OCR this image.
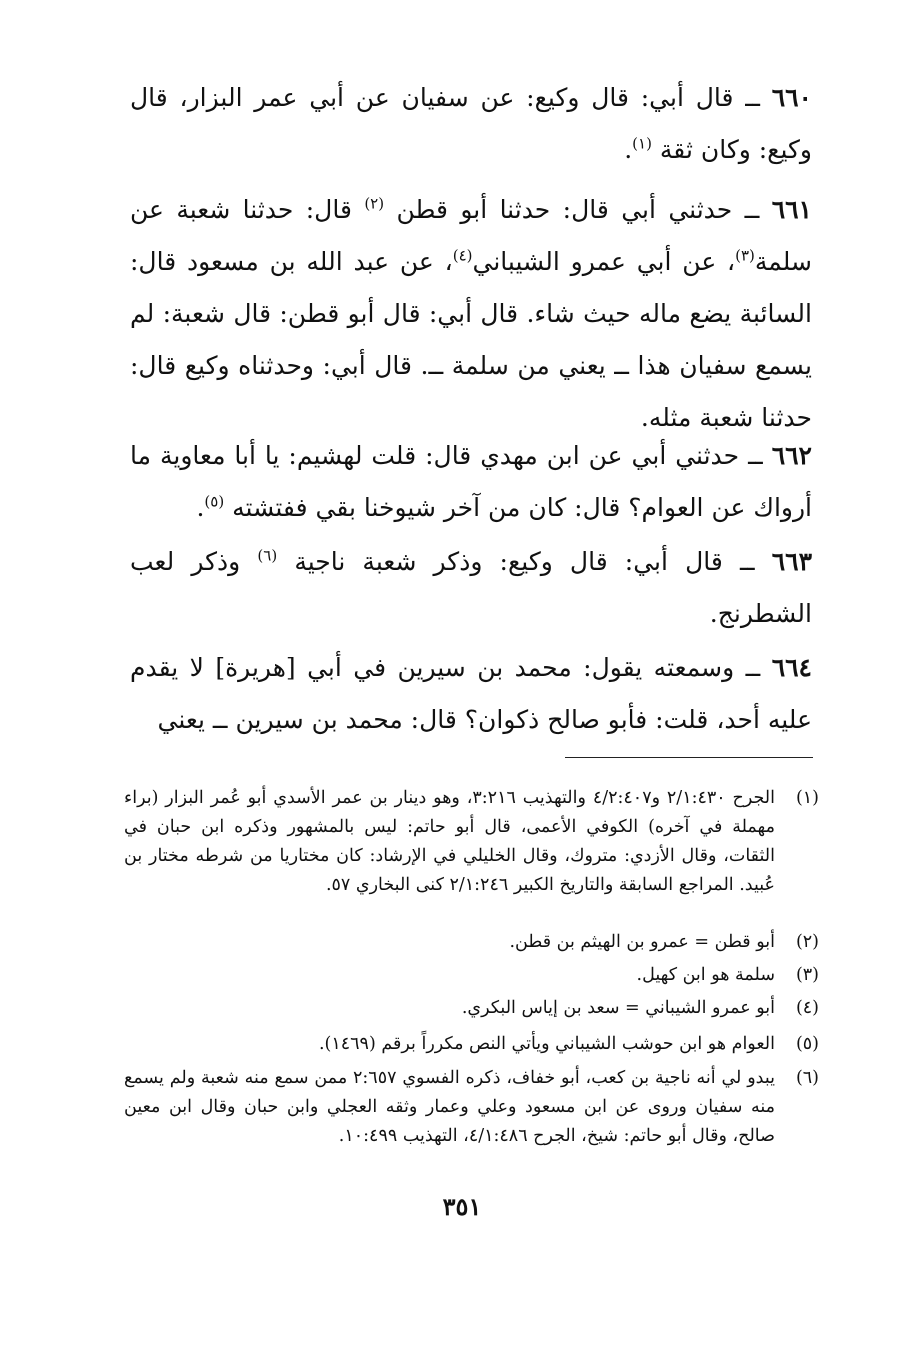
٦٦٠ ــ قال أبي: قال وكيع: عن سفيان عن أبي عمر البزار، قال وكيع: وكان ثقة $^{(١)}$.

٦٦١ ــ حدثني أبي قال: حدثنا أبو قطن $^{(٢)}$ قال: حدثنا شعبة عن سلمة$^{(٣)}$، عن أبي عمرو الشيباني$^{(٤)}$، عن عبد الله بن مسعود قال: السائبة يضع ماله حيث شاء. قال أبي: قال أبو قطن: قال شعبة: لم يسمع سفيان هذا ــ يعني من سلمة ــ. قال أبي: وحدثناه وكيع قال: حدثنا شعبة مثله.

٦٦٢ ــ حدثني أبي عن ابن مهدي قال: قلت لهشيم: يا أبا معاوية ما أرواك عن العوام؟ قال: كان من آخر شيوخنا بقي ففتشته $^{(٥)}$.

٦٦٣ ــ قال أبي: قال وكيع: وذكر شعبة ناجية $^{(٦)}$ وذكر لعب الشطرنج.

٦٦٤ ــ وسمعته يقول: محمد بن سيرين في أبي [هريرة] لا يقدم عليه أحد، قلت: فأبو صالح ذكوان؟ قال: محمد بن سيرين ــ يعني

(١)
الجرح ٢/١:٤٣٠ و٤/٢:٤٠٧ والتهذيب ٣:٢١٦، وهو دينار بن عمر الأسدي أبو عُمر البزار (براء مهملة في آخره) الكوفي الأعمى، قال أبو حاتم: ليس بالمشهور وذكره ابن حبان في الثقات، وقال الأزدي: متروك، وقال الخليلي في الإرشاد: كان مختاريا من شرطه مختار بن عُبيد. المراجع السابقة والتاريخ الكبير ٢/١:٢٤٦ كنى البخاري ٥٧.
(٢)
أبو قطن = عمرو بن الهيثم بن قطن.
(٣)
سلمة هو ابن كهيل.
(٤)
أبو عمرو الشيباني = سعد بن إياس البكري.
(٥)
العوام هو ابن حوشب الشيباني ويأتي النص مكرراً برقم (١٤٦٩).
(٦)
يبدو لي أنه ناجية بن كعب، أبو خفاف، ذكره الفسوي ٢:٦٥٧ ممن سمع منه شعبة ولم يسمع منه سفيان وروى عن ابن مسعود وعلي وعمار وثقه العجلي وابن حبان وقال ابن معين صالح، وقال أبو حاتم: شيخ، الجرح ٤/١:٤٨٦، التهذيب ١٠:٤٩٩.
٣٥١
